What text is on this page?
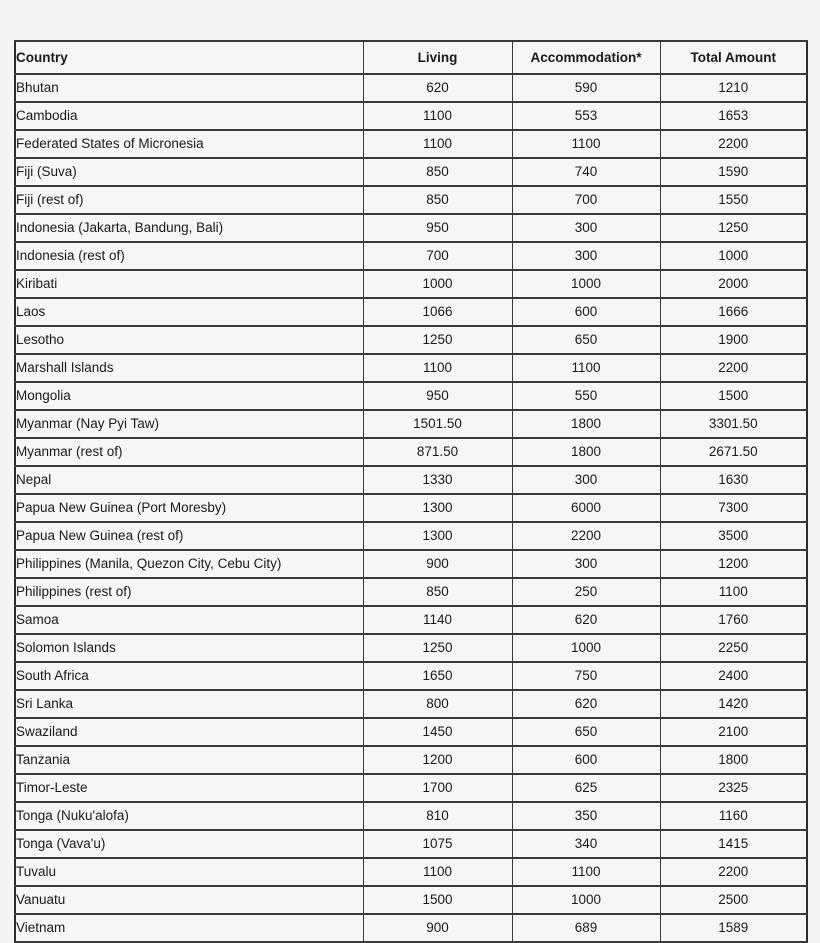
Country	Living	Accommodation*	Total Amount
Bhutan	620	590	1210
Cambodia	1100	553	1653
Federated States of Micronesia	1100	1100	2200
Fiji (Suva)	850	740	1590
Fiji (rest of)	850	700	1550
Indonesia (Jakarta, Bandung, Bali)	950	300	1250
Indonesia (rest of)	700	300	1000
Kiribati	1000	1000	2000
Laos	1066	600	1666
Lesotho	1250	650	1900
Marshall Islands	1100	1100	2200
Mongolia	950	550	1500
Myanmar (Nay Pyi Taw)	1501.50	1800	3301.50
Myanmar (rest of)	871.50	1800	2671.50
Nepal	1330	300	1630
Papua New Guinea (Port Moresby)	1300	6000	7300
Papua New Guinea (rest of)	1300	2200	3500
Philippines (Manila, Quezon City, Cebu City)	900	300	1200
Philippines (rest of)	850	250	1100
Samoa	1140	620	1760
Solomon Islands	1250	1000	2250
South Africa	1650	750	2400
Sri Lanka	800	620	1420
Swaziland	1450	650	2100
Tanzania	1200	600	1800
Timor-Leste	1700	625	2325
Tonga (Nuku'alofa)	810	350	1160
Tonga (Vava'u)	1075	340	1415
Tuvalu	1100	1100	2200
Vanuatu	1500	1000	2500
Vietnam	900	689	1589
